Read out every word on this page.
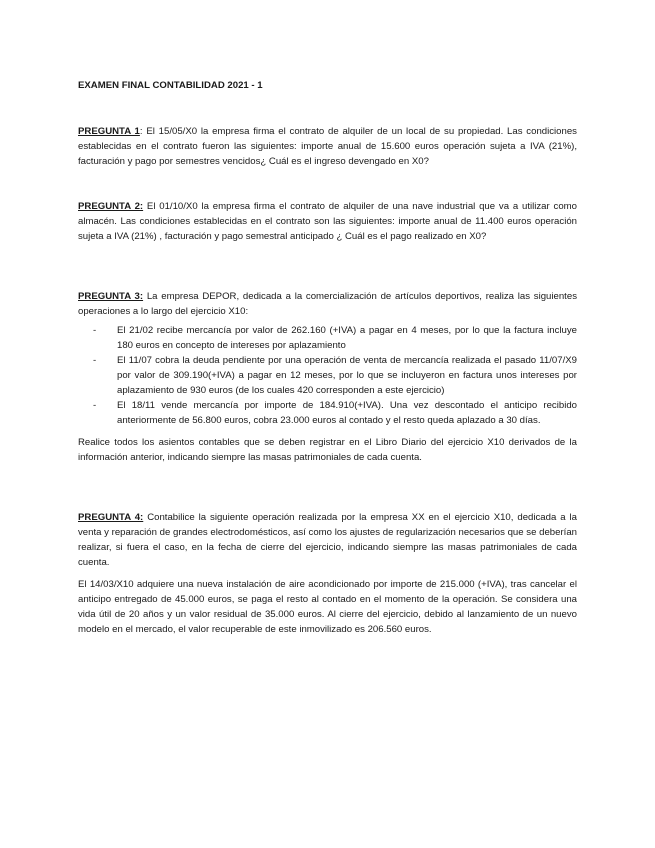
EXAMEN FINAL CONTABILIDAD 2021 - 1

PREGUNTA 1: El 15/05/X0 la empresa firma el contrato de alquiler de un local de su propiedad. Las condiciones establecidas en el contrato fueron las siguientes: importe anual de 15.600 euros operación sujeta a IVA (21%), facturación y pago por semestres vencidos¿ Cuál es el ingreso devengado en X0?

PREGUNTA 2: El 01/10/X0 la empresa firma el contrato de alquiler de una nave industrial que va a utilizar como almacén. Las condiciones establecidas en el contrato son las siguientes: importe anual de 11.400 euros operación sujeta a IVA (21%) , facturación y pago semestral anticipado ¿ Cuál es el pago realizado en X0?

PREGUNTA 3: La empresa DEPOR, dedicada a la comercialización de artículos deportivos, realiza las siguientes operaciones a lo largo del ejercicio X10:

- El 21/02 recibe mercancía por valor de 262.160 (+IVA) a pagar en 4 meses, por lo que la factura incluye 180 euros en concepto de intereses por aplazamiento
- El 11/07 cobra la deuda pendiente por una operación de venta de mercancía realizada el pasado 11/07/X9 por valor de 309.190(+IVA) a pagar en 12 meses, por lo que se incluyeron en factura unos intereses por aplazamiento de 930 euros (de los cuales 420 corresponden a este ejercicio)
- El 18/11 vende mercancía por importe de 184.910(+IVA). Una vez descontado el anticipo recibido anteriormente de 56.800 euros, cobra 23.000 euros al contado y el resto queda aplazado a 30 días.

Realice todos los asientos contables que se deben registrar en el Libro Diario del ejercicio X10 derivados de la información anterior, indicando siempre las masas patrimoniales de cada cuenta.

PREGUNTA 4: Contabilice la siguiente operación realizada por la empresa XX en el ejercicio X10, dedicada a la venta y reparación de grandes electrodomésticos, así como los ajustes de regularización necesarios que se deberían realizar, si fuera el caso, en la fecha de cierre del ejercicio, indicando siempre las masas patrimoniales de cada cuenta.

El 14/03/X10 adquiere una nueva instalación de aire acondicionado por importe de 215.000 (+IVA), tras cancelar el anticipo entregado de 45.000 euros, se paga el resto al contado en el momento de la operación. Se considera una vida útil de 20 años y un valor residual de 35.000 euros. Al cierre del ejercicio, debido al lanzamiento de un nuevo modelo en el mercado, el valor recuperable de este inmovilizado es 206.560 euros.
